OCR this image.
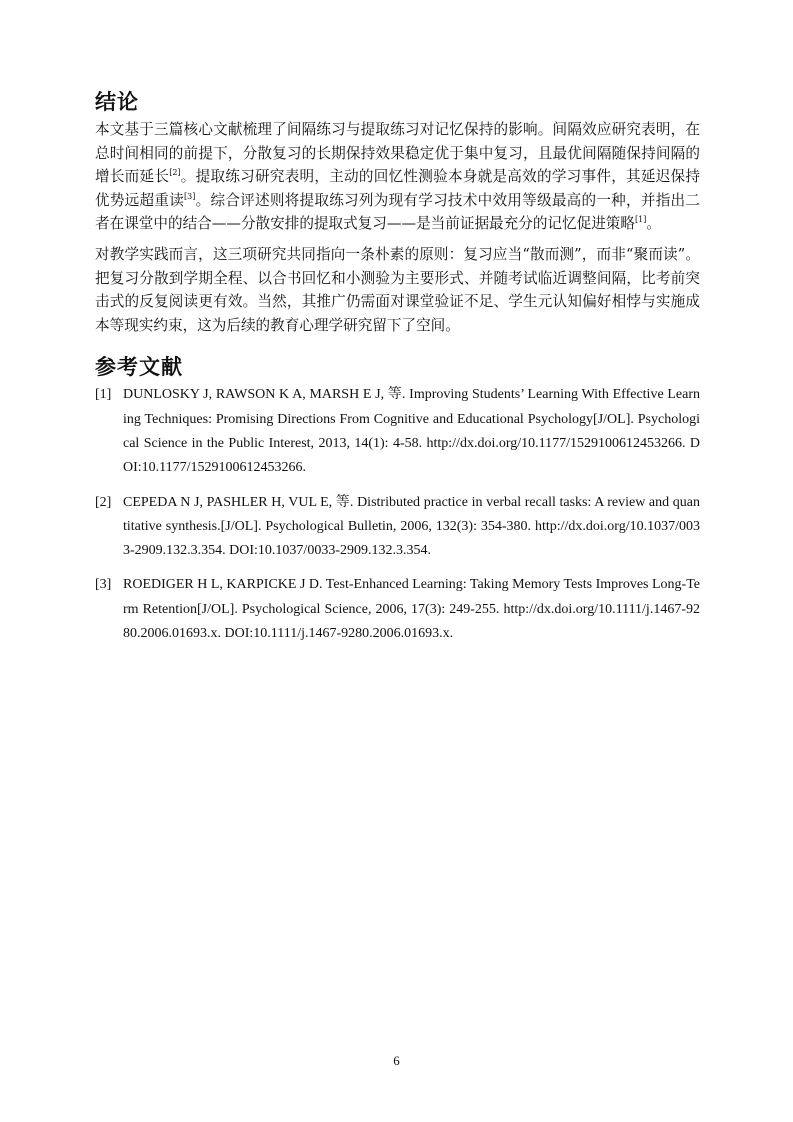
结论

本文基于三篇核心文献梳理了间隔练习与提取练习对记忆保持的影响。间隔效应研究表明，在总时间相同的前提下，分散复习的长期保持效果稳定优于集中复习，且最优间隔随保持间隔的增长而延长[2]。提取练习研究表明，主动的回忆性测验本身就是高效的学习事件，其延迟保持优势远超重读[3]。综合评述则将提取练习列为现有学习技术中效用等级最高的一种，并指出二者在课堂中的结合——分散安排的提取式复习——是当前证据最充分的记忆促进策略[1]。

对教学实践而言，这三项研究共同指向一条朴素的原则：复习应当“散而测”，而非“聚而读”。把复习分散到学期全程、以合书回忆和小测验为主要形式、并随考试临近调整间隔，比考前突击式的反复阅读更有效。当然，其推广仍需面对课堂验证不足、学生元认知偏好相悖与实施成本等现实约束，这为后续的教育心理学研究留下了空间。

参考文献
[1] DUNLOSKY J, RAWSON K A, MARSH E J, 等. Improving Students’ Learning With Effective Learning Techniques: Promising Directions From Cognitive and Educational Psychology[J/OL]. Psychological Science in the Public Interest, 2013, 14(1): 4-58. http://dx.doi.org/10.1177/1529100612453266. DOI:10.1177/1529100612453266.
[2] CEPEDA N J, PASHLER H, VUL E, 等. Distributed practice in verbal recall tasks: A review and quantitative synthesis.[J/OL]. Psychological Bulletin, 2006, 132(3): 354-380. http://dx.doi.org/10.1037/0033-2909.132.3.354. DOI:10.1037/0033-2909.132.3.354.
[3] ROEDIGER H L, KARPICKE J D. Test-Enhanced Learning: Taking Memory Tests Improves Long-Term Retention[J/OL]. Psychological Science, 2006, 17(3): 249-255. http://dx.doi.org/10.1111/j.1467-9280.2006.01693.x. DOI:10.1111/j.1467-9280.2006.01693.x.
6
